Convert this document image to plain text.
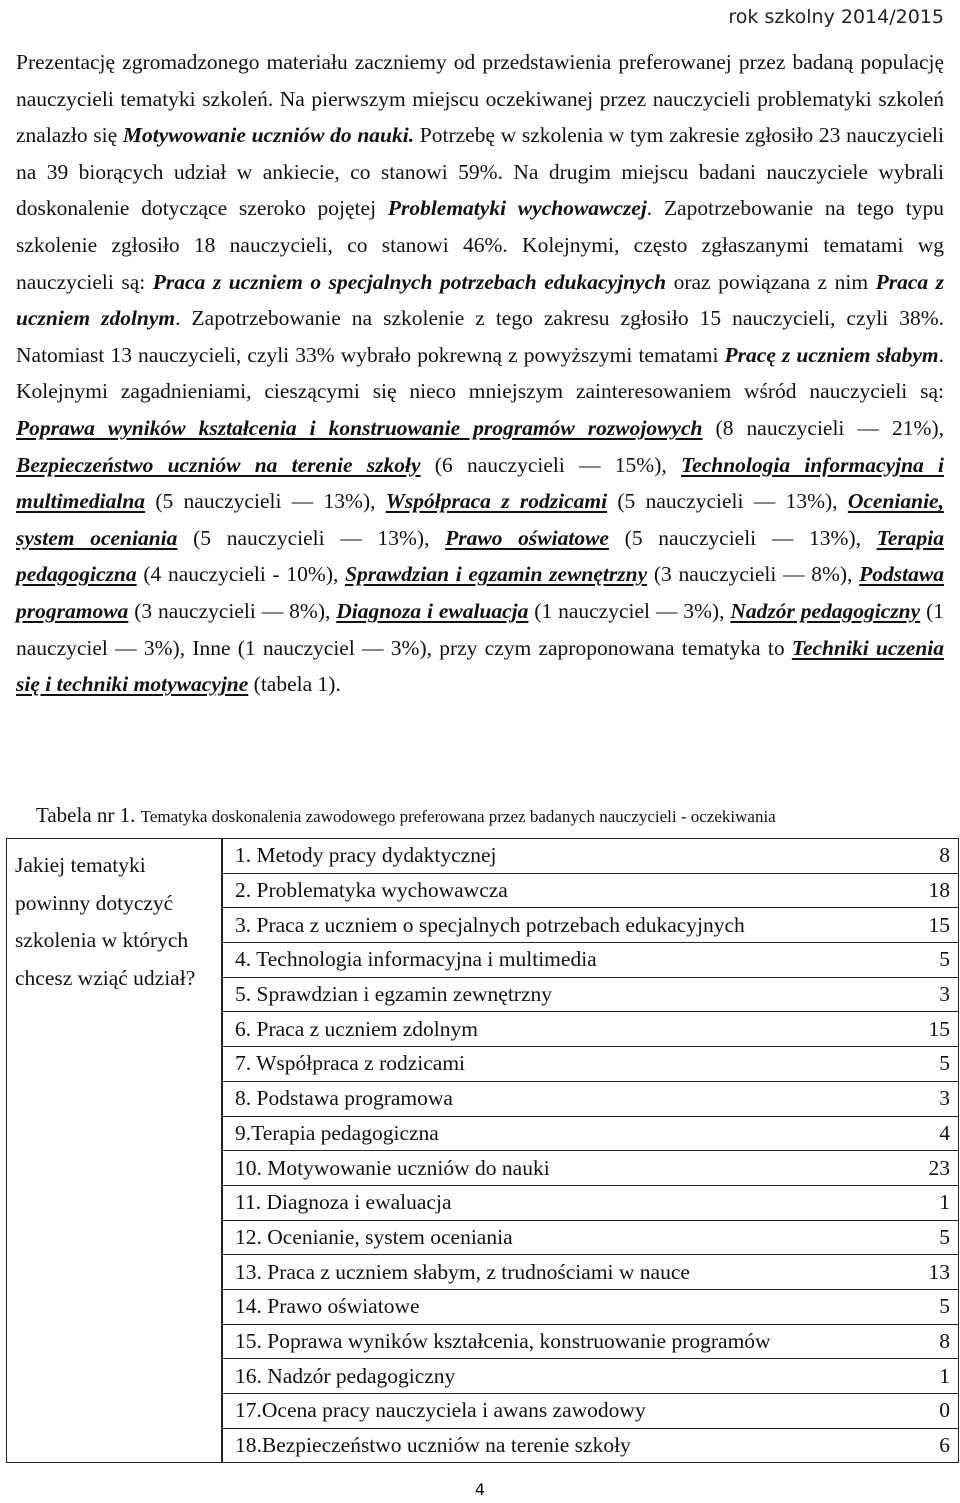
rok szkolny 2014/2015
Prezentację zgromadzonego materiału zaczniemy od przedstawienia preferowanej przez badaną populację nauczycieli tematyki szkoleń. Na pierwszym miejscu oczekiwanej przez nauczycieli problematyki szkoleń znalazło się Motywowanie uczniów do nauki. Potrzebę w szkolenia w tym zakresie zgłosiło 23 nauczycieli na 39 biorących udział w ankiecie, co stanowi 59%. Na drugim miejscu badani nauczyciele wybrali doskonalenie dotyczące szeroko pojętej Problematyki wychowawczej. Zapotrzebowanie na tego typu szkolenie zgłosiło 18 nauczycieli, co stanowi 46%. Kolejnymi, często zgłaszanymi tematami wg nauczycieli są: Praca z uczniem o specjalnych potrzebach edukacyjnych oraz powiązana z nim Praca z uczniem zdolnym. Zapotrzebowanie na szkolenie z tego zakresu zgłosiło 15 nauczycieli, czyli 38%. Natomiast 13 nauczycieli, czyli 33% wybrało pokrewną z powyższymi tematami Pracę z uczniem słabym. Kolejnymi zagadnieniami, cieszącymi się nieco mniejszym zainteresowaniem wśród nauczycieli są: Poprawa wyników kształcenia i konstruowanie programów rozwojowych (8 nauczycieli — 21%), Bezpieczeństwo uczniów na terenie szkoły (6 nauczycieli — 15%), Technologia informacyjna i multimedialna (5 nauczycieli — 13%), Współpraca z rodzicami (5 nauczycieli — 13%), Ocenianie, system oceniania (5 nauczycieli — 13%), Prawo oświatowe (5 nauczycieli — 13%), Terapia pedagogiczna (4 nauczycieli - 10%), Sprawdzian i egzamin zewnętrzny (3 nauczycieli — 8%), Podstawa programowa (3 nauczycieli — 8%), Diagnoza i ewaluacja (1 nauczyciel — 3%), Nadzór pedagogiczny (1 nauczyciel — 3%), Inne (1 nauczyciel — 3%), przy czym zaproponowana tematyka to Techniki uczenia się i techniki motywacyjne (tabela 1).
Tabela nr 1. Tematyka doskonalenia zawodowego preferowana przez badanych nauczycieli - oczekiwania
Jakiej tematyki powinny dotyczyć szkolenia w których chcesz wziąć udział?	
1. Metody pracy dydaktycznej	8
2. Problematyka wychowawcza	18
3. Praca z uczniem o specjalnych potrzebach edukacyjnych	15
4. Technologia informacyjna i multimedia	5
5. Sprawdzian i egzamin zewnętrzny	3
6. Praca z uczniem zdolnym	15
7. Współpraca z rodzicami	5
8. Podstawa programowa	3
9.Terapia pedagogiczna	4
10. Motywowanie uczniów do nauki	23
11. Diagnoza i ewaluacja	1
12. Ocenianie, system oceniania	5
13. Praca z uczniem słabym, z trudnościami w nauce	13
14. Prawo oświatowe	5
15. Poprawa wyników kształcenia, konstruowanie programów	8
16. Nadzór pedagogiczny	1
17.Ocena pracy nauczyciela i awans zawodowy	0
18.Bezpieczeństwo uczniów na terenie szkoły	6
4
